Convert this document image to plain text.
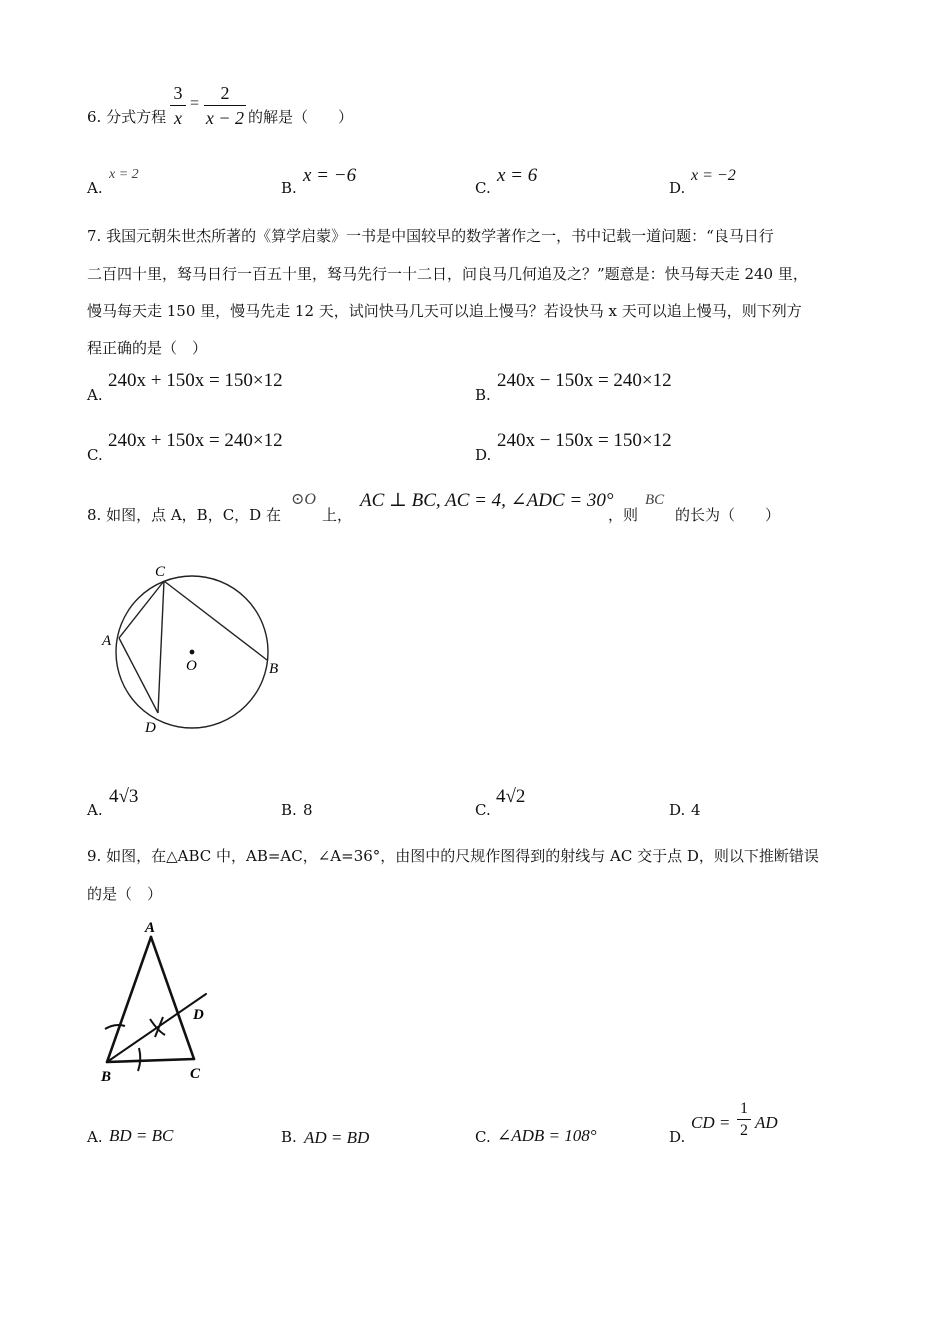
6. 分式方程
3
x
=
2
x − 2 的解是（　　）
A.
x = 2
B.
x = −6
C.
x = 6
D.
x = −2
7. 我国元朝朱世杰所著的《算学启蒙》一书是中国较早的数学著作之一，书中记载一道问题：“良马日行
二百四十里，驽马日行一百五十里，驽马先行一十二日，问良马几何追及之？”题意是：快马每天走 240 里，
慢马每天走 150 里，慢马先走 12 天，试问快马几天可以追上慢马？若设快马 x 天可以追上慢马，则下列方
程正确的是（　）
A.
240x + 150x = 150×12
B.
240x − 150x = 240×12
C.
240x + 150x = 240×12
D.
240x − 150x = 150×12
8. 如图，点 A，B，C，D 在
⊙O
上，
AC ⊥ BC, AC = 4, ∠ADC = 30°
，则
BC
的长为（　　）
C
A
O	B
D
A.
4√3
B. 8	C.
4√2
D. 4
9. 如图，在△ABC 中，AB=AC，∠A=36°，由图中的尺规作图得到的射线与 AC 交于点 D，则以下推断错误
的是（　）
A
D
B	C
A. BD = BC	B. AD = BD	C. ∠ADB = 108°	D.
CD =
1
2 AD
